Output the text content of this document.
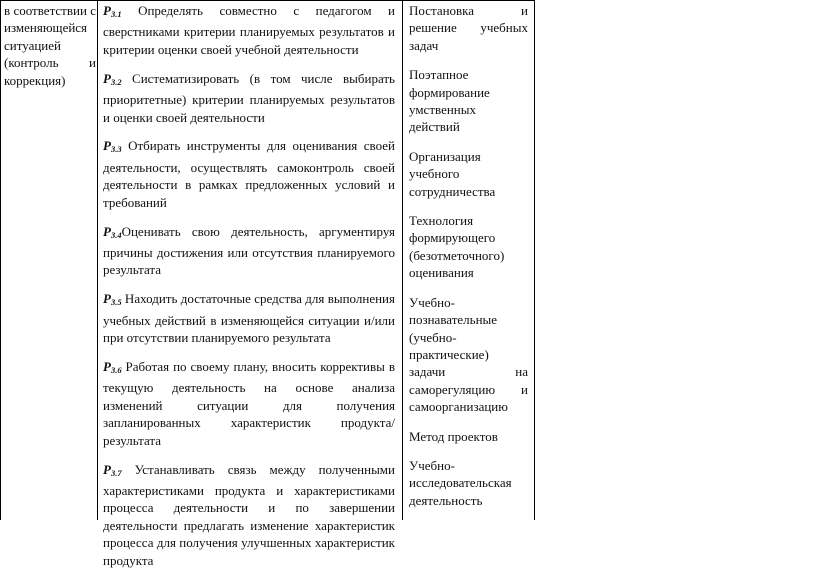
в соответствии с изменяющейся ситуацией (контроль и коррекция)

$P_{3.1}$ Определять совместно с педагогом и сверстниками критерии планируемых результатов и критерии оценки своей учебной деятельности

$P_{3.2}$ Систематизировать (в том числе выбирать приоритетные) критерии планируемых результатов и оценки своей деятельности

$P_{3.3}$ Отбирать инструменты для оценивания своей деятельности, осуществлять самоконтроль своей деятельности в рамках предложенных условий и требований

$P_{3.4}Оценивать$ свою деятельность, аргументируя причины достижения или отсутствия планируемого результата

$P_{3.5}$ Находить достаточные средства для выполнения учебных действий в изменяющейся ситуации и/или при отсутствии планируемого результата

$P_{3.6}$ Работая по своему плану, вносить коррективы в текущую деятельность на основе анализа изменений ситуации для получения запланированных характеристик продукта/результата

$P_{3.7}$ Устанавливать связь между полученными характеристиками продукта и характеристиками процесса деятельности и по завершении деятельности предлагать изменение характеристик процесса для получения улучшенных характеристик продукта

Постановка и решение учебных задач

Поэтапное формирование умственных действий

Организация учебного сотрудничества

Технология формирующего (безотметочного) оценивания

Учебно-познавательные (учебно-практические) задачи на саморегуляцию и самоорганизацию

Метод проектов

Учебно-исследовательская деятельность
